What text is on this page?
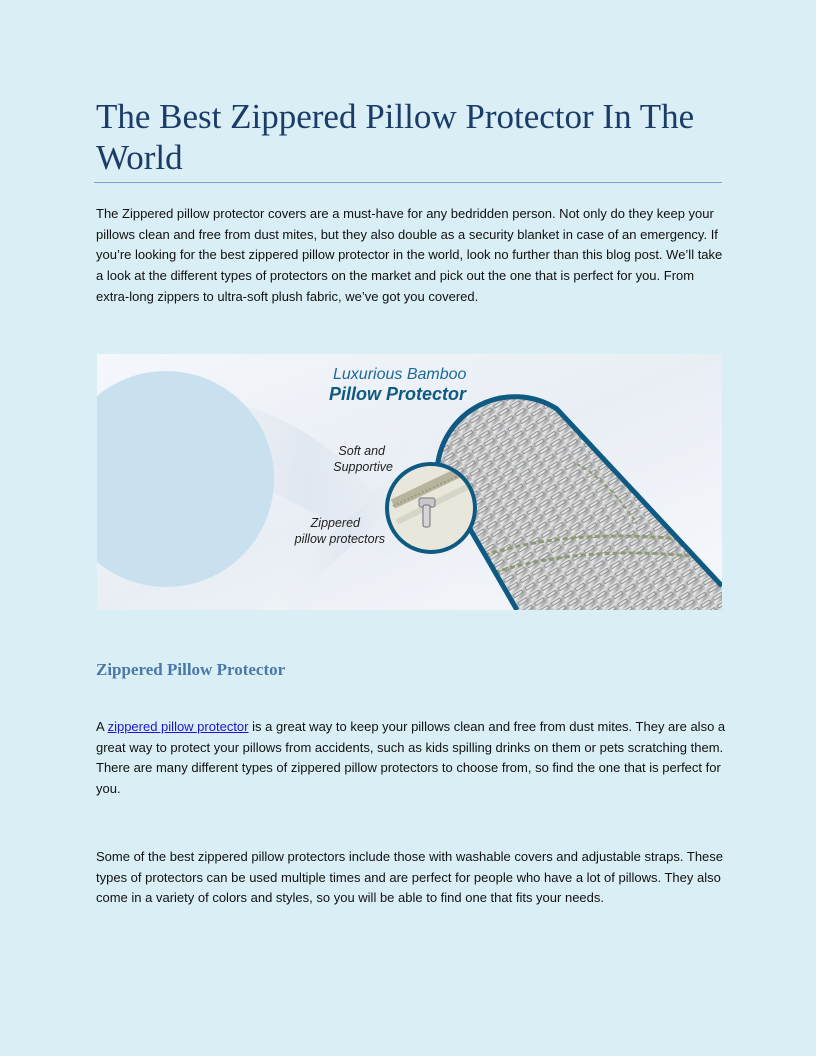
The Best Zippered Pillow Protector In The World

The Zippered pillow protector covers are a must-have for any bedridden person. Not only do they keep your pillows clean and free from dust mites, but they also double as a security blanket in case of an emergency. If you’re looking for the best zippered pillow protector in the world, look no further than this blog post. We’ll take a look at the different types of protectors on the market and pick out the one that is perfect for you. From extra-long zippers to ultra-soft plush fabric, we’ve got you covered.

Luxurious Bamboo
Pillow Protector
Soft and
Supportive
Zippered
pillow protectors
Zippered Pillow Protector

A zippered pillow protector is a great way to keep your pillows clean and free from dust mites. They are also a great way to protect your pillows from accidents, such as kids spilling drinks on them or pets scratching them. There are many different types of zippered pillow protectors to choose from, so find the one that is perfect for you.

Some of the best zippered pillow protectors include those with washable covers and adjustable straps. These types of protectors can be used multiple times and are perfect for people who have a lot of pillows. They also come in a variety of colors and styles, so you will be able to find one that fits your needs.
